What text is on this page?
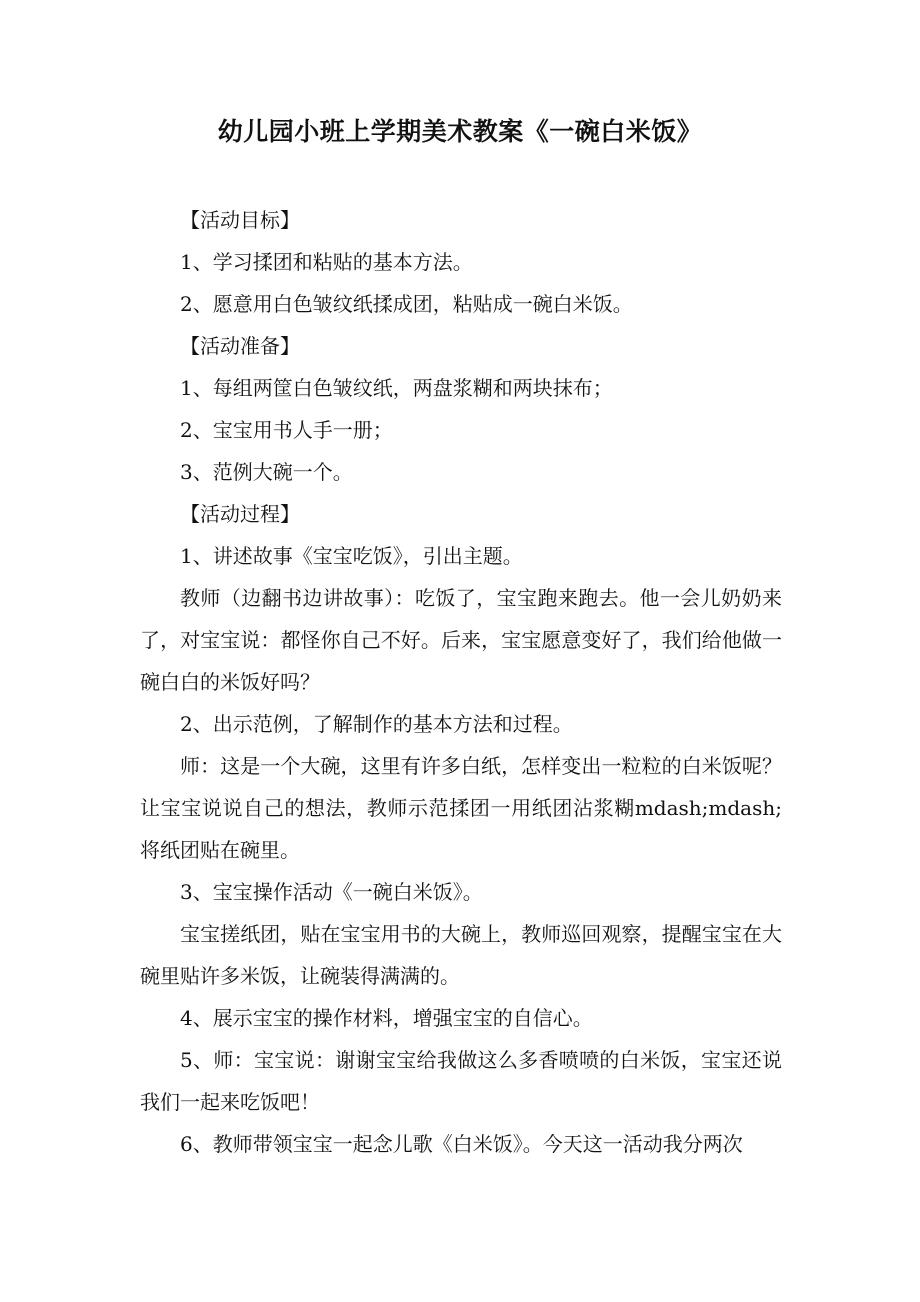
幼儿园小班上学期美术教案《一碗白米饭》

【活动目标】

1、学习揉团和粘贴的基本方法。

2、愿意用白色皱纹纸揉成团，粘贴成一碗白米饭。

【活动准备】

1、每组两筐白色皱纹纸，两盘浆糊和两块抹布；

2、宝宝用书人手一册；

3、范例大碗一个。

【活动过程】

1、讲述故事《宝宝吃饭》，引出主题。

教师（边翻书边讲故事）：吃饭了，宝宝跑来跑去。他一会儿奶奶来了，对宝宝说：都怪你自己不好。后来，宝宝愿意变好了，我们给他做一碗白白的米饭好吗？

2、出示范例，了解制作的基本方法和过程。

师：这是一个大碗，这里有许多白纸，怎样变出一粒粒的白米饭呢？让宝宝说说自己的想法，教师示范揉团一用纸团沾浆糊mdash;mdash;将纸团贴在碗里。

3、宝宝操作活动《一碗白米饭》。

宝宝搓纸团，贴在宝宝用书的大碗上，教师巡回观察，提醒宝宝在大碗里贴许多米饭，让碗装得满满的。

4、展示宝宝的操作材料，增强宝宝的自信心。

5、师：宝宝说：谢谢宝宝给我做这么多香喷喷的白米饭，宝宝还说我们一起来吃饭吧！

6、教师带领宝宝一起念儿歌《白米饭》。今天这一活动我分两次
